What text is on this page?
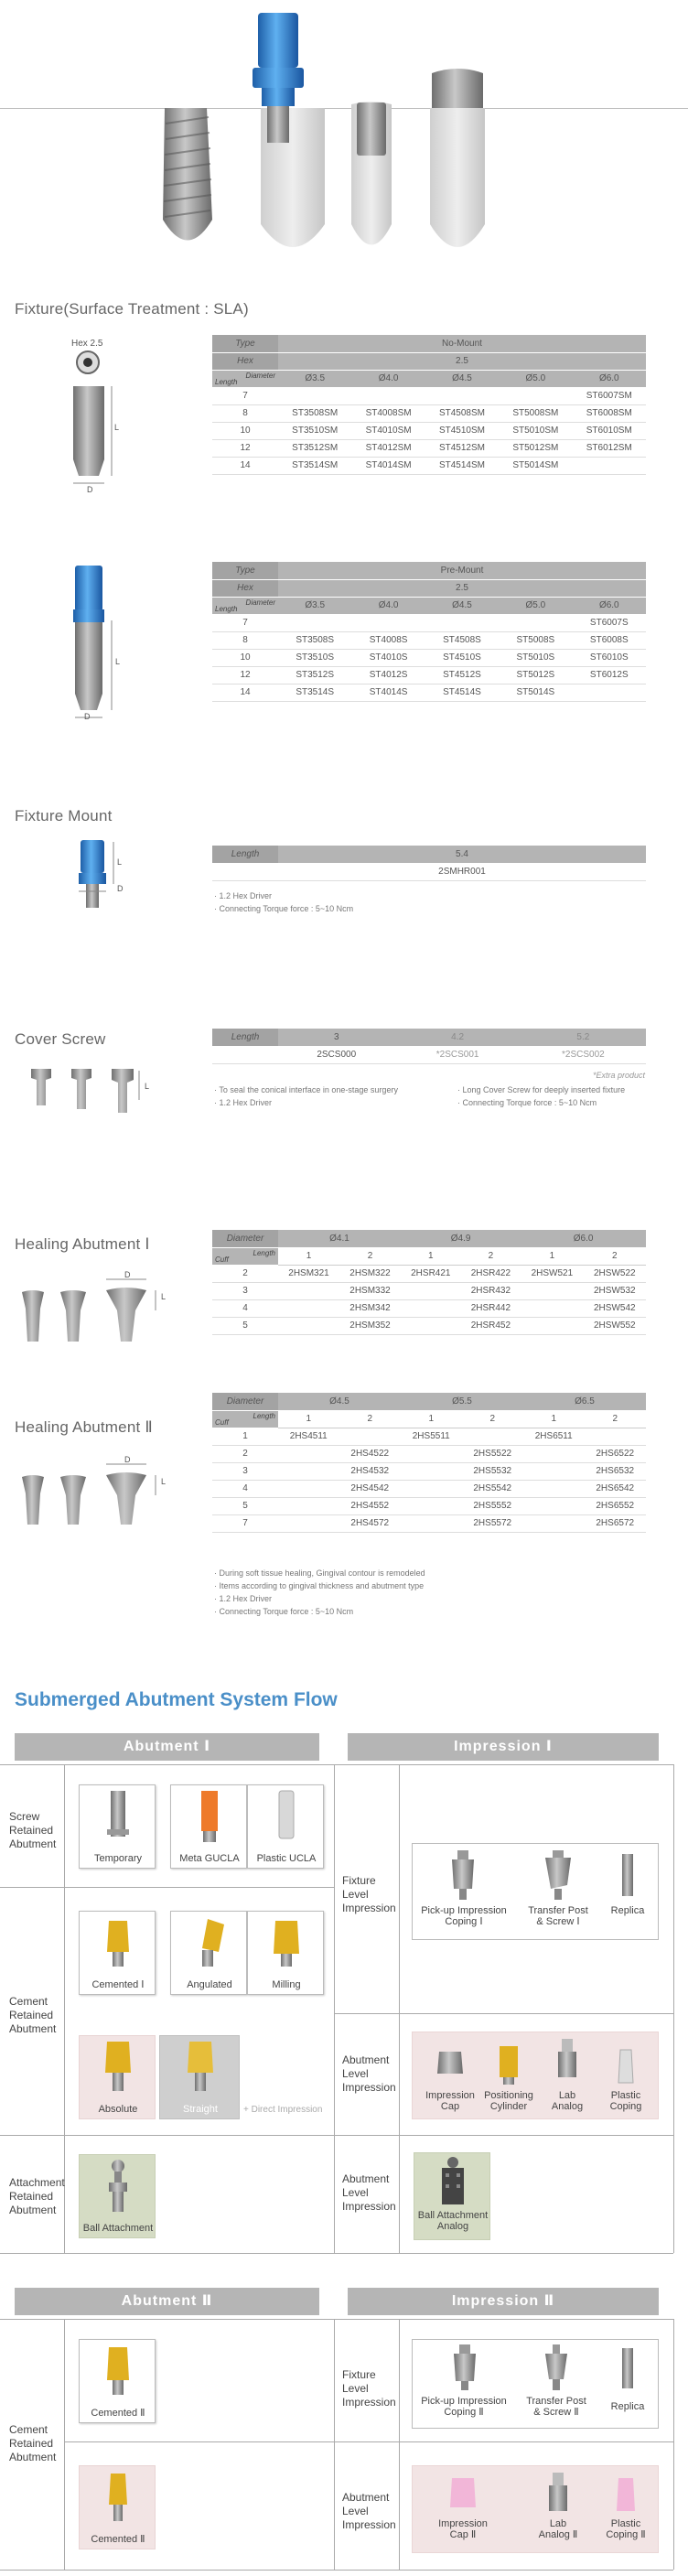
Fixture(Surface Treatment : SLA)
Hex 2.5
L
D
Type	No-Mount				
Hex	2.5				

Diameter
Length	Ø3.5	Ø4.0	Ø4.5	Ø5.0	Ø6.0
7					ST6007SM
8	ST3508SM	ST4008SM	ST4508SM	ST5008SM	ST6008SM
10	ST3510SM	ST4010SM	ST4510SM	ST5010SM	ST6010SM
12	ST3512SM	ST4012SM	ST4512SM	ST5012SM	ST6012SM
14	ST3514SM	ST4014SM	ST4514SM	ST5014SM	
L
D
Type	Pre-Mount				
Hex	2.5				

Diameter
Length	Ø3.5	Ø4.0	Ø4.5	Ø5.0	Ø6.0
7					ST6007S
8	ST3508S	ST4008S	ST4508S	ST5008S	ST6008S
10	ST3510S	ST4010S	ST4510S	ST5010S	ST6010S
12	ST3512S	ST4012S	ST4512S	ST5012S	ST6012S
14	ST3514S	ST4014S	ST4514S	ST5014S	
Fixture Mount
L
D
Length	5.4
	2SMHR001
· 1.2 Hex Driver
· Connecting Torque force : 5~10 Ncm
Cover Screw
L
Length	3	4.2	5.2
	2SCS000	*2SCS001	*2SCS002
*Extra product
· To seal the conical interface in one-stage surgery
· 1.2 Hex Driver
· Long Cover Screw for deeply inserted fixture
· Connecting Torque force : 5~10 Ncm
Healing Abutment Ⅰ
D
L
Diameter	Ø4.1		Ø4.9		Ø6.0	

Length
Cuff	1	2	1	2	1	2
2	2HSM321	2HSM322	2HSR421	2HSR422	2HSW521	2HSW522
3		2HSM332		2HSR432		2HSW532
4		2HSM342		2HSR442		2HSW542
5		2HSM352		2HSR452		2HSW552
Healing Abutment Ⅱ
D
L
Diameter	Ø4.5		Ø5.5		Ø6.5	

Length
Cuff	1	2	1	2	1	2
1	2HS4511		2HS5511		2HS6511	
2		2HS4522		2HS5522		2HS6522
3		2HS4532		2HS5532		2HS6532
4		2HS4542		2HS5542		2HS6542
5		2HS4552		2HS5552		2HS6552
7		2HS4572		2HS5572		2HS6572
· During soft tissue healing, Gingival contour is remodeled
· Items according to gingival thickness and abutment type
· 1.2 Hex Driver
· Connecting Torque force : 5~10 Ncm
Submerged Abutment System Flow
Abutment Ⅰ	Impression Ⅰ
Screw
Retained
Abutment
Cement
Retained
Abutment
Attachment
Retained
Abutment
Fixture
Level
Impression
Abutment
Level
Impression
Abutment
Level
Impression
Temporary	Meta GUCLA	Plastic UCLA
Cemented Ⅰ	Angulated	Milling
Absolute	Straight	+ Direct Impression
Ball Attachment
Pick-up Impression
Coping Ⅰ
Transfer Post
& Screw Ⅰ
Replica
Impression
Cap
Positioning
Cylinder
Lab
Analog
Plastic
Coping
Ball Attachment
Analog
Abutment Ⅱ	Impression Ⅱ
Cement
Retained
Abutment
Fixture
Level
Impression
Abutment
Level
Impression
Cemented Ⅱ
Cemented Ⅱ
Pick-up Impression
Coping Ⅱ
Transfer Post
& Screw Ⅱ	Replica
Impression
Cap Ⅱ
Lab
Analog Ⅱ
Plastic
Coping Ⅱ
